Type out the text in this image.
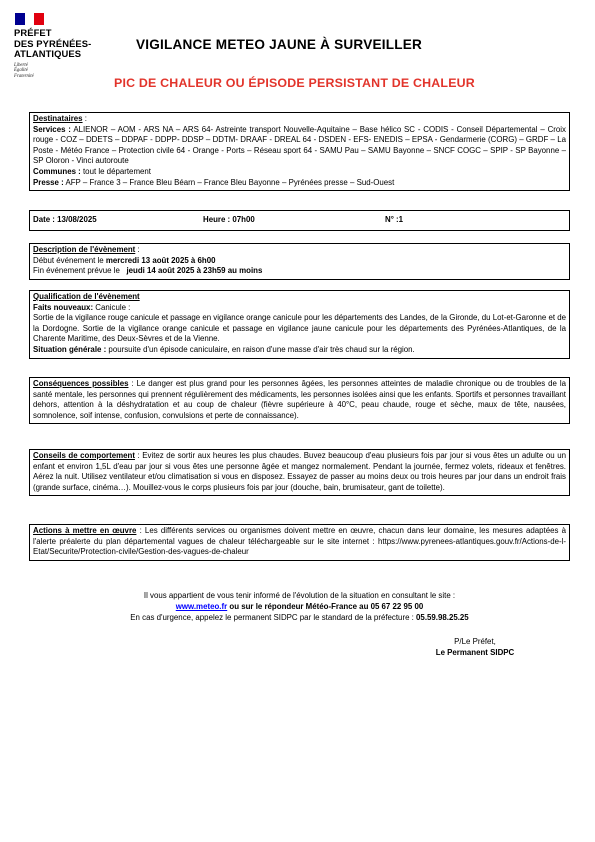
PRÉFET
DES PYRÉNÉES-
ATLANTIQUES
Liberté
Égalité
Fraternité
VIGILANCE METEO JAUNE À SURVEILLER
PIC DE CHALEUR OU ÉPISODE PERSISTANT DE CHALEUR

Destinataires :

Services : ALIENOR – AOM - ARS NA – ARS 64- Astreinte transport Nouvelle-Aquitaine – Base hélico SC - CODIS - Conseil Départemental – Croix rouge - COZ – DDETS – DDPAF - DDPP- DDSP – DDTM- DRAAF - DREAL 64 - DSDEN - EFS- ENEDIS – EPSA - Gendarmerie (CORG) – GRDF – La Poste - Météo France – Protection civile 64 - Orange - Ports – Réseau sport 64 - SAMU Pau – SAMU Bayonne – SNCF COGC – SPIP - SP Bayonne – SP Oloron - Vinci autoroute

Communes : tout le département

Presse : AFP – France 3 – France Bleu Béarn – France Bleu Bayonne – Pyrénées presse – Sud-Ouest

Date : 13/08/2025	Heure : 07h00	N° :1

Description de l'évènement :

Début événement le mercredi 13 août 2025 à 6h00

Fin événement prévue le   jeudi 14 août 2025 à 23h59 au moins

Qualification de l'évènement

Faits nouveaux: Canicule :

Sortie de la vigilance rouge canicule et passage en vigilance orange canicule pour les départements des Landes, de la Gironde, du Lot-et-Garonne et de la Dordogne. Sortie de la vigilance orange canicule et passage en vigilance jaune canicule pour les départements des Pyrénées-Atlantiques, de la Charente Maritime, des Deux-Sèvres et de la Vienne.

Situation générale : poursuite d'un épisode caniculaire, en raison d'une masse d'air très chaud sur la région.

Conséquences possibles : Le danger est plus grand pour les personnes âgées, les personnes atteintes de maladie chronique ou de troubles de la santé mentale, les personnes qui prennent régulièrement des médicaments, les personnes isolées ainsi que les enfants. Sportifs et personnes travaillant dehors, attention à la déshydratation et au coup de chaleur (fièvre supérieure à 40°C, peau chaude, rouge et sèche, maux de tête, nausées, somnolence, soif intense, confusion, convulsions et perte de connaissance).

Conseils de comportement : Evitez de sortir aux heures les plus chaudes. Buvez beaucoup d'eau plusieurs fois par jour si vous êtes un adulte ou un enfant et environ 1,5L d'eau par jour si vous êtes une personne âgée et mangez normalement. Pendant la journée, fermez volets, rideaux et fenêtres. Aérez la nuit. Utilisez ventilateur et/ou climatisation si vous en disposez. Essayez de passer au moins deux ou trois heures par jour dans un endroit frais (grande surface, cinéma…). Mouillez-vous le corps plusieurs fois par jour (douche, bain, brumisateur, gant de toilette).

Actions à mettre en œuvre : Les différents services ou organismes doivent mettre en œuvre, chacun dans leur domaine, les mesures adaptées à l'alerte préalerte du plan départemental vagues de chaleur téléchargeable sur le site internet : https://www.pyrenees-atlantiques.gouv.fr/Actions-de-l-Etat/Securite/Protection-civile/Gestion-des-vagues-de-chaleur

Il vous appartient de vous tenir informé de l'évolution de la situation en consultant le site :
www.meteo.fr ou sur le répondeur Météo-France au 05 67 22 95 00
En cas d'urgence, appelez le permanent SIDPC par le standard de la préfecture : 05.59.98.25.25
P/Le Préfet,
Le Permanent SIDPC
